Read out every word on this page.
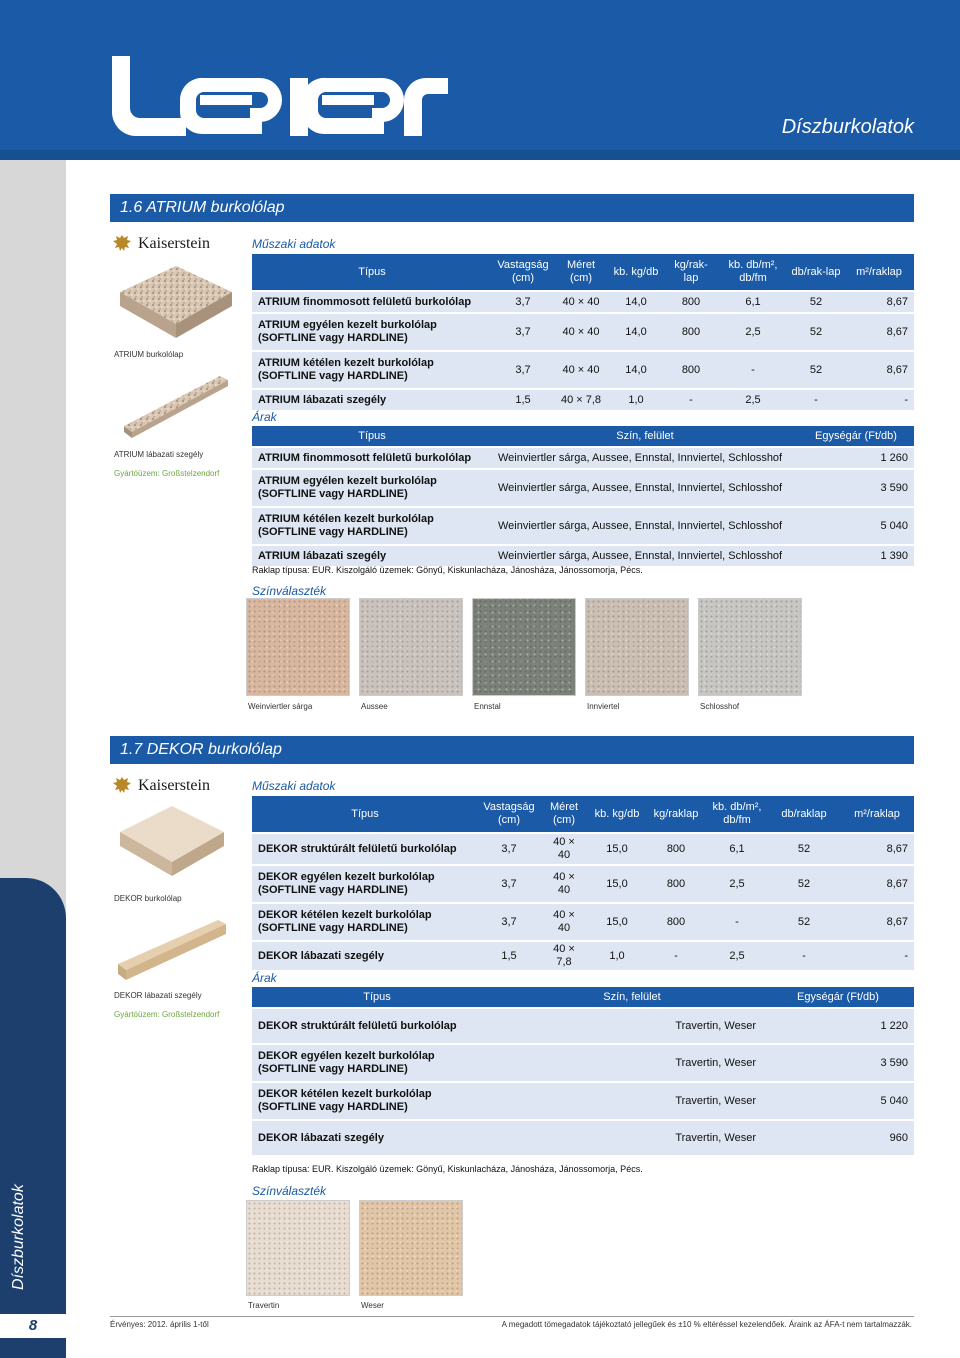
Díszburkolatok
Díszburkolatok
8
1.6 ATRIUM burkolólap
Kaiserstein
ATRIUM burkolólap
ATRIUM lábazati szegély
Gyártóüzem: Großstelzendorf
Műszaki adatok
Típus	Vastagság (cm)	Méret (cm)	kb. kg/db	kg/rak-lap	kb. db/m², db/fm	db/rak-lap	m²/raklap
ATRIUM finommosott felületű burkolólap	3,7	40 × 40	14,0	800	6,1	52	8,67

ATRIUM egyélen kezelt burkolólap
(SOFTLINE vagy HARDLINE)	3,7	40 × 40	14,0	800	2,5	52	8,67

ATRIUM kétélen kezelt burkolólap
(SOFTLINE vagy HARDLINE)	3,7	40 × 40	14,0	800	-	52	8,67
ATRIUM lábazati szegély	1,5	40 × 7,8	1,0	-	2,5	-	-
Árak
Típus	Szín, felület	Egységár (Ft/db)
ATRIUM finommosott felületű burkolólap	Weinviertler sárga, Aussee, Ennstal, Innviertel, Schlosshof	1 260

ATRIUM egyélen kezelt burkolólap
(SOFTLINE vagy HARDLINE)	Weinviertler sárga, Aussee, Ennstal, Innviertel, Schlosshof	3 590

ATRIUM kétélen kezelt burkolólap
(SOFTLINE vagy HARDLINE)	Weinviertler sárga, Aussee, Ennstal, Innviertel, Schlosshof	5 040
ATRIUM lábazati szegély	Weinviertler sárga, Aussee, Ennstal, Innviertel, Schlosshof	1 390
Raklap típusa: EUR. Kiszolgáló üzemek: Gönyű, Kiskunlacháza, Jánosháza, Jánossomorja, Pécs.
Színválaszték
Weinviertler sárga	Aussee	Ennstal	Innviertel	Schlosshof
1.7 DEKOR burkolólap
Kaiserstein
DEKOR burkolólap
DEKOR lábazati szegély
Gyártóüzem: Großstelzendorf
Műszaki adatok
Típus	Vastagság (cm)	Méret (cm)	kb. kg/db	kg/raklap	kb. db/m², db/fm	db/raklap	m²/raklap
DEKOR struktúrált felületű burkolólap	3,7	40 × 40	15,0	800	6,1	52	8,67

DEKOR egyélen kezelt burkolólap
(SOFTLINE vagy HARDLINE)	3,7	40 × 40	15,0	800	2,5	52	8,67

DEKOR kétélen kezelt burkolólap
(SOFTLINE vagy HARDLINE)	3,7	40 × 40	15,0	800	-	52	8,67
DEKOR lábazati szegély	1,5	40 × 7,8	1,0	-	2,5	-	-
Árak
Típus	Szín, felület	Egységár (Ft/db)
DEKOR struktúrált felületű burkolólap	Travertin, Weser	1 220

DEKOR egyélen kezelt burkolólap
(SOFTLINE vagy HARDLINE)	Travertin, Weser	3 590

DEKOR kétélen kezelt burkolólap
(SOFTLINE vagy HARDLINE)	Travertin, Weser	5 040
DEKOR lábazati szegély	Travertin, Weser	960
Raklap típusa: EUR. Kiszolgáló üzemek: Gönyű, Kiskunlacháza, Jánosháza, Jánossomorja, Pécs.
Színválaszték
Travertin	Weser
Érvényes: 2012. április 1-től	A megadott tömegadatok tájékoztató jellegűek és ±10 % eltéréssel kezelendőek. Áraink az ÁFA-t nem tartalmazzák.
